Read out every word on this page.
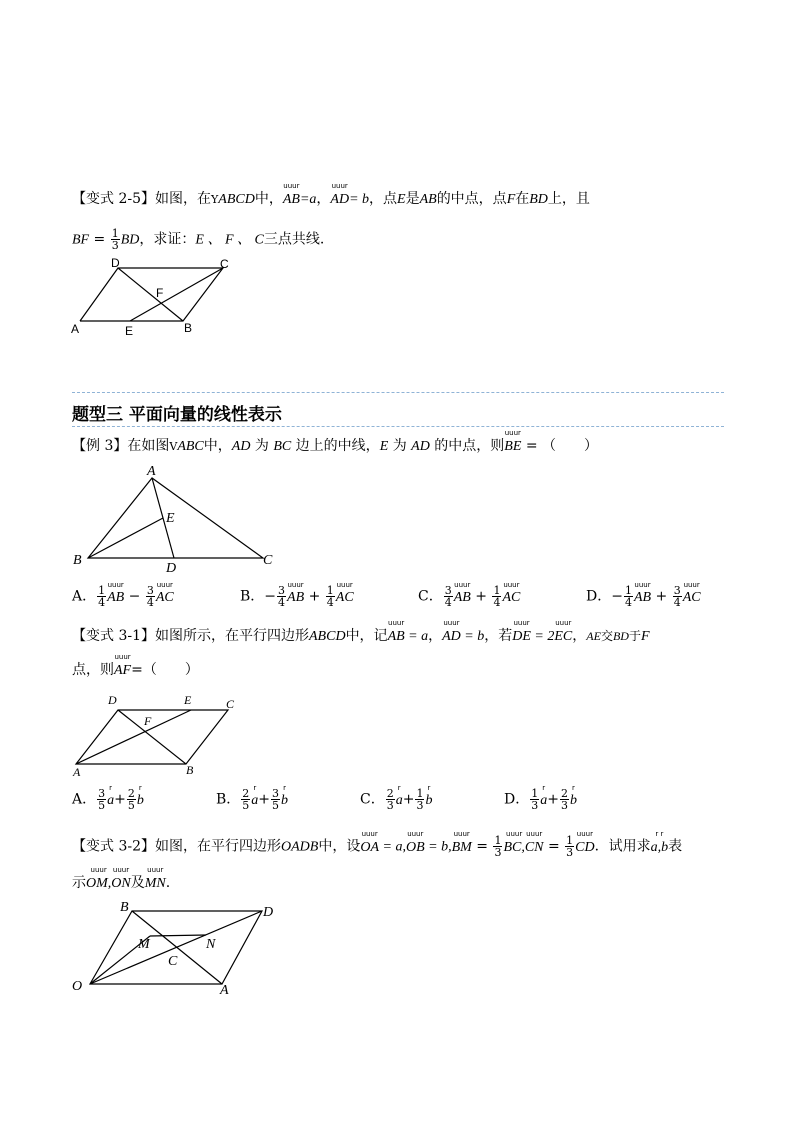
【变式 2-5】如图，在YABCD中，
uuur
AB=a，
uuur
AD= b，点E是AB的中点，点F在BD上，且
BF = $\frac{1}{3}$ BD，求证：E 、 F 、 C三点共线.
D	C
F
A	E	B
题型三 平面向量的线性表示
【例 3】在如图VABC中，AD 为 BC 边上的中线，E 为 AD 的中点，则
uuur
BE = （　　）
A
E
B
D
C
A． $\frac{1}{4}$
uuur
AB − $\frac{3}{4}$
uuur
AC	B．− $\frac{3}{4}$
uuur
AB + $\frac{1}{4}$
uuur
AC	C． $\frac{3}{4}$
uuur
AB + $\frac{1}{4}$
uuur
AC	D．− $\frac{1}{4}$
uuur
AB + $\frac{3}{4}$
uuur
AC
【变式 3-1】如图所示，在平行四边形ABCD中，记
uuur
AB = a，
uuur
AD = b，若
uuur
DE = 2
uuur
EC，AE交BD于F
点，则
uuur
AF=（　　）
D	E	C
F
A	B
A． $\frac{3}{5}$
r
$a+ \frac{2}{5}$
r
b	B． $\frac{2}{5}$
r
$a+ \frac{3}{5}$
r
b	C． $\frac{2}{3}$
r
$a+ \frac{1}{3}$
r
b	D． $\frac{1}{3}$
r
$a+ \frac{2}{3}$
r
b
【变式 3-2】如图，在平行四边形OADB中，设
uuur
OA = a,
uuur
OB = b,
uuur
BM = $\frac{1}{3}$
uuur
BC,
uuur
CN = $\frac{1}{3}$
uuur
CD．试用求
r r
a,b表
示
uuur
OM,
uuur
ON及
uuur
MN.
B	D
M	N
C
O	A
